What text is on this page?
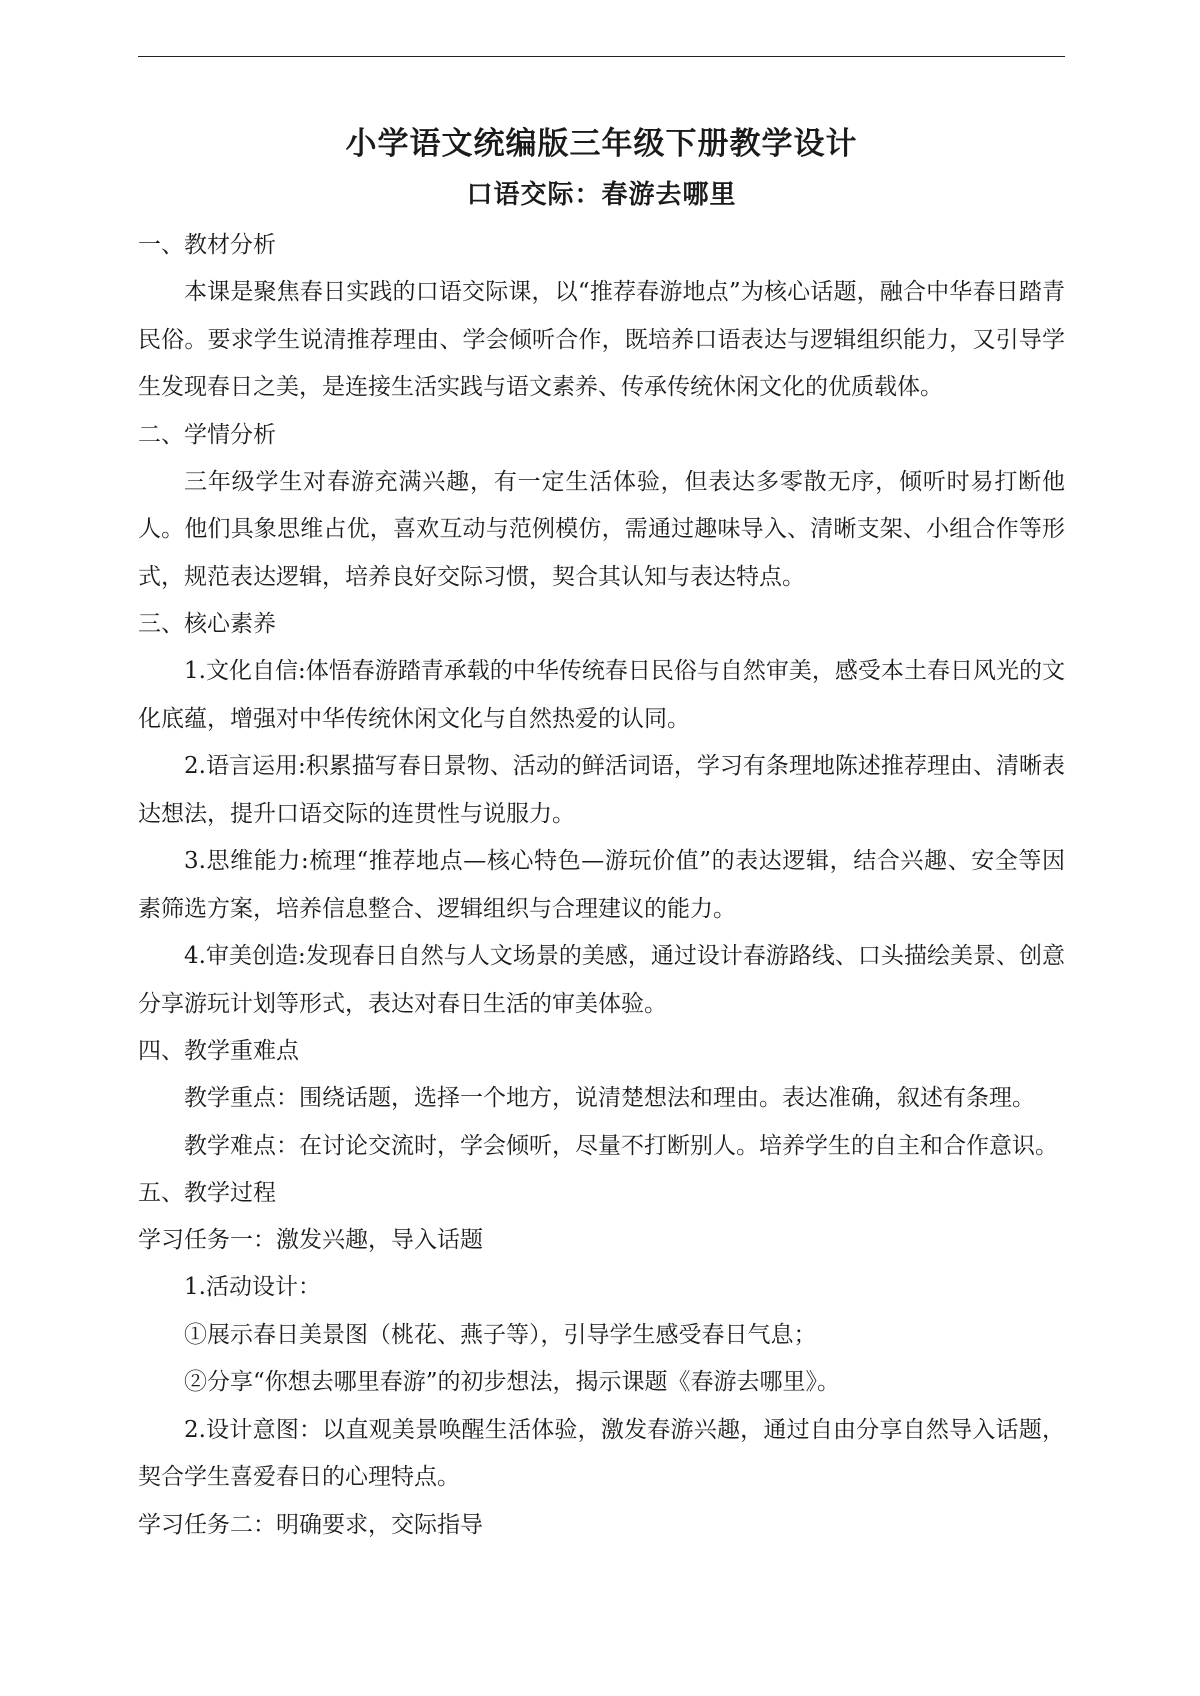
小学语文统编版三年级下册教学设计
口语交际：春游去哪里

一、教材分析

本课是聚焦春日实践的口语交际课，以“推荐春游地点”为核心话题，融合中华春日踏青民俗。要求学生说清推荐理由、学会倾听合作，既培养口语表达与逻辑组织能力，又引导学生发现春日之美，是连接生活实践与语文素养、传承传统休闲文化的优质载体。

二、学情分析

三年级学生对春游充满兴趣，有一定生活体验，但表达多零散无序，倾听时易打断他人。他们具象思维占优，喜欢互动与范例模仿，需通过趣味导入、清晰支架、小组合作等形式，规范表达逻辑，培养良好交际习惯，契合其认知与表达特点。

三、核心素养

1.文化自信:体悟春游踏青承载的中华传统春日民俗与自然审美，感受本土春日风光的文化底蕴，增强对中华传统休闲文化与自然热爱的认同。

2.语言运用:积累描写春日景物、活动的鲜活词语，学习有条理地陈述推荐理由、清晰表达想法，提升口语交际的连贯性与说服力。

3.思维能力:梳理“推荐地点—核心特色—游玩价值”的表达逻辑，结合兴趣、安全等因素筛选方案，培养信息整合、逻辑组织与合理建议的能力。

4.审美创造:发现春日自然与人文场景的美感，通过设计春游路线、口头描绘美景、创意分享游玩计划等形式，表达对春日生活的审美体验。

四、教学重难点

教学重点：围绕话题，选择一个地方，说清楚想法和理由。表达准确，叙述有条理。

教学难点：在讨论交流时，学会倾听，尽量不打断别人。培养学生的自主和合作意识。

五、教学过程

学习任务一：激发兴趣，导入话题

1.活动设计：

①展示春日美景图（桃花、燕子等），引导学生感受春日气息；

②分享“你想去哪里春游”的初步想法，揭示课题《春游去哪里》。

2.设计意图：以直观美景唤醒生活体验，激发春游兴趣，通过自由分享自然导入话题，契合学生喜爱春日的心理特点。

学习任务二：明确要求，交际指导
